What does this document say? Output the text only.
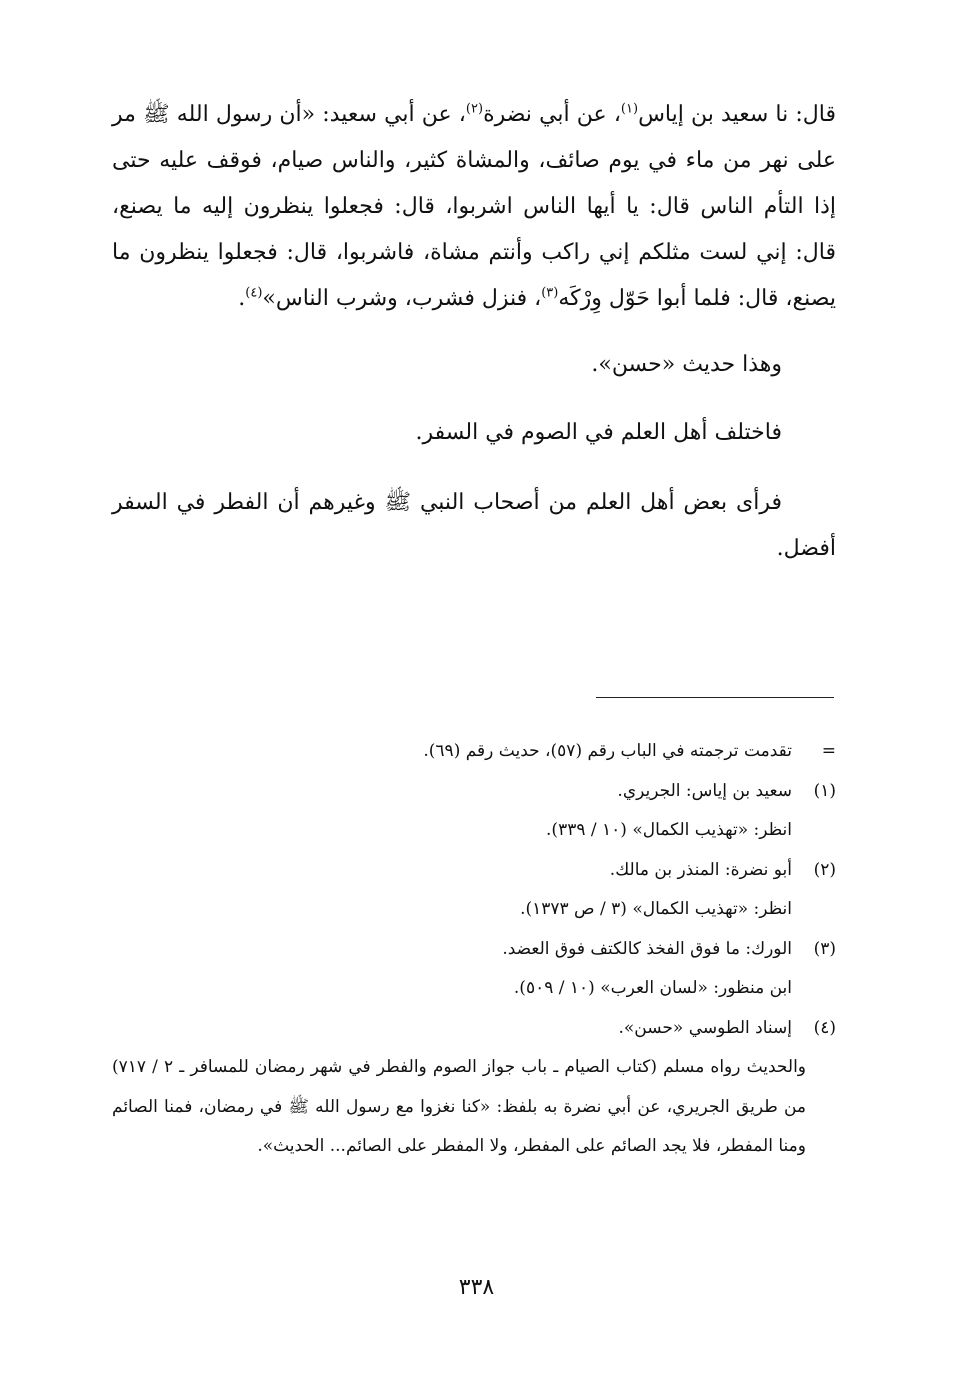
قال: نا سعيد بن إياس$^{(١)}$، عن أبي نضرة$^{(٢)}$، عن أبي سعيد: «أن رسول الله ﷺ مر على نهر من ماء في يوم صائف، والمشاة كثير، والناس صيام، فوقف عليه حتى إذا التأم الناس قال: يا أيها الناس اشربوا، قال: فجعلوا ينظرون إليه ما يصنع، قال: إني لست مثلكم إني راكب وأنتم مشاة، فاشربوا، قال: فجعلوا ينظرون ما يصنع، قال: فلما أبوا حَوّل وِرْكَه$^{(٣)}$، فنزل فشرب، وشرب الناس»$^{(٤)}$.

وهذا حديث «حسن».

فاختلف أهل العلم في الصوم في السفر.

فرأى بعض أهل العلم من أصحاب النبي ﷺ وغيرهم أن الفطر في السفر أفضل.

=
تقدمت ترجمته في الباب رقم (٥٧)، حديث رقم (٦٩).
(١)
سعيد بن إياس: الجريري.
انظر: «تهذيب الكمال» (١٠ / ٣٣٩).
(٢)
أبو نضرة: المنذر بن مالك.
انظر: «تهذيب الكمال» (٣ / ص ١٣٧٣).
(٣)
الورك: ما فوق الفخذ كالكتف فوق العضد.
ابن منظور: «لسان العرب» (١٠ / ٥٠٩).
(٤)
إسناد الطوسي «حسن».
والحديث رواه مسلم (كتاب الصيام ـ باب جواز الصوم والفطر في شهر رمضان للمسافر ـ ٢ / ٧١٧) من طريق الجريري، عن أبي نضرة به بلفظ: «كنا نغزوا مع رسول الله ﷺ في رمضان، فمنا الصائم ومنا المفطر، فلا يجد الصائم على المفطر، ولا المفطر على الصائم... الحديث».
٣٣٨
